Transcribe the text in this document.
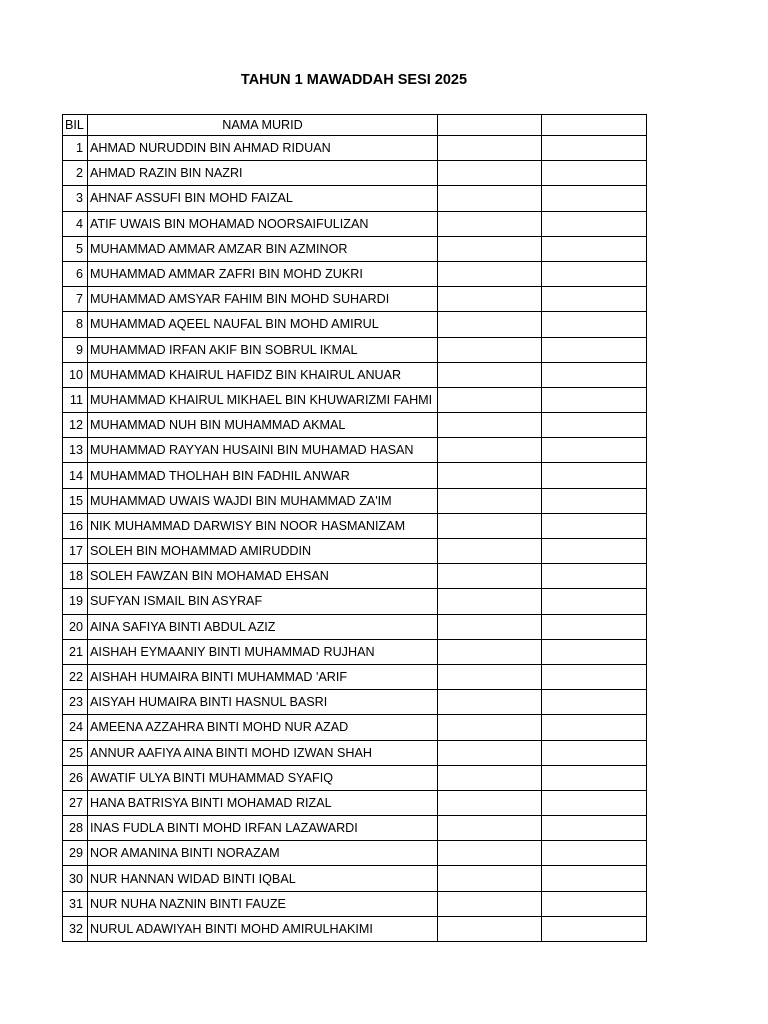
TAHUN 1 MAWADDAH SESI 2025
BIL	NAMA MURID		
1	AHMAD NURUDDIN BIN AHMAD RIDUAN		
2	AHMAD RAZIN BIN NAZRI		
3	AHNAF ASSUFI BIN MOHD FAIZAL		
4	ATIF UWAIS BIN MOHAMAD NOORSAIFULIZAN		
5	MUHAMMAD AMMAR AMZAR BIN AZMINOR		
6	MUHAMMAD AMMAR ZAFRI BIN MOHD ZUKRI		
7	MUHAMMAD AMSYAR FAHIM BIN MOHD SUHARDI		
8	MUHAMMAD AQEEL NAUFAL BIN MOHD AMIRUL		
9	MUHAMMAD IRFAN AKIF BIN SOBRUL IKMAL		
10	MUHAMMAD KHAIRUL HAFIDZ BIN KHAIRUL ANUAR		
11	MUHAMMAD KHAIRUL MIKHAEL BIN KHUWARIZMI FAHMI		
12	MUHAMMAD NUH BIN MUHAMMAD AKMAL		
13	MUHAMMAD RAYYAN HUSAINI BIN MUHAMAD HASAN		
14	MUHAMMAD THOLHAH BIN FADHIL ANWAR		
15	MUHAMMAD UWAIS WAJDI BIN MUHAMMAD ZA'IM		
16	NIK MUHAMMAD DARWISY BIN NOOR HASMANIZAM		
17	SOLEH BIN MOHAMMAD AMIRUDDIN		
18	SOLEH FAWZAN BIN MOHAMAD EHSAN		
19	SUFYAN ISMAIL BIN ASYRAF		
20	AINA SAFIYA BINTI ABDUL AZIZ		
21	AISHAH EYMAANIY BINTI MUHAMMAD RUJHAN		
22	AISHAH HUMAIRA BINTI MUHAMMAD 'ARIF		
23	AISYAH HUMAIRA BINTI HASNUL BASRI		
24	AMEENA AZZAHRA BINTI MOHD NUR AZAD		
25	ANNUR AAFIYA AINA BINTI MOHD IZWAN SHAH		
26	AWATIF ULYA BINTI MUHAMMAD SYAFIQ		
27	HANA BATRISYA BINTI MOHAMAD RIZAL		
28	INAS FUDLA BINTI MOHD IRFAN LAZAWARDI		
29	NOR AMANINA BINTI NORAZAM		
30	NUR HANNAN WIDAD BINTI IQBAL		
31	NUR NUHA NAZNIN BINTI FAUZE		
32	NURUL ADAWIYAH BINTI MOHD AMIRULHAKIMI		
